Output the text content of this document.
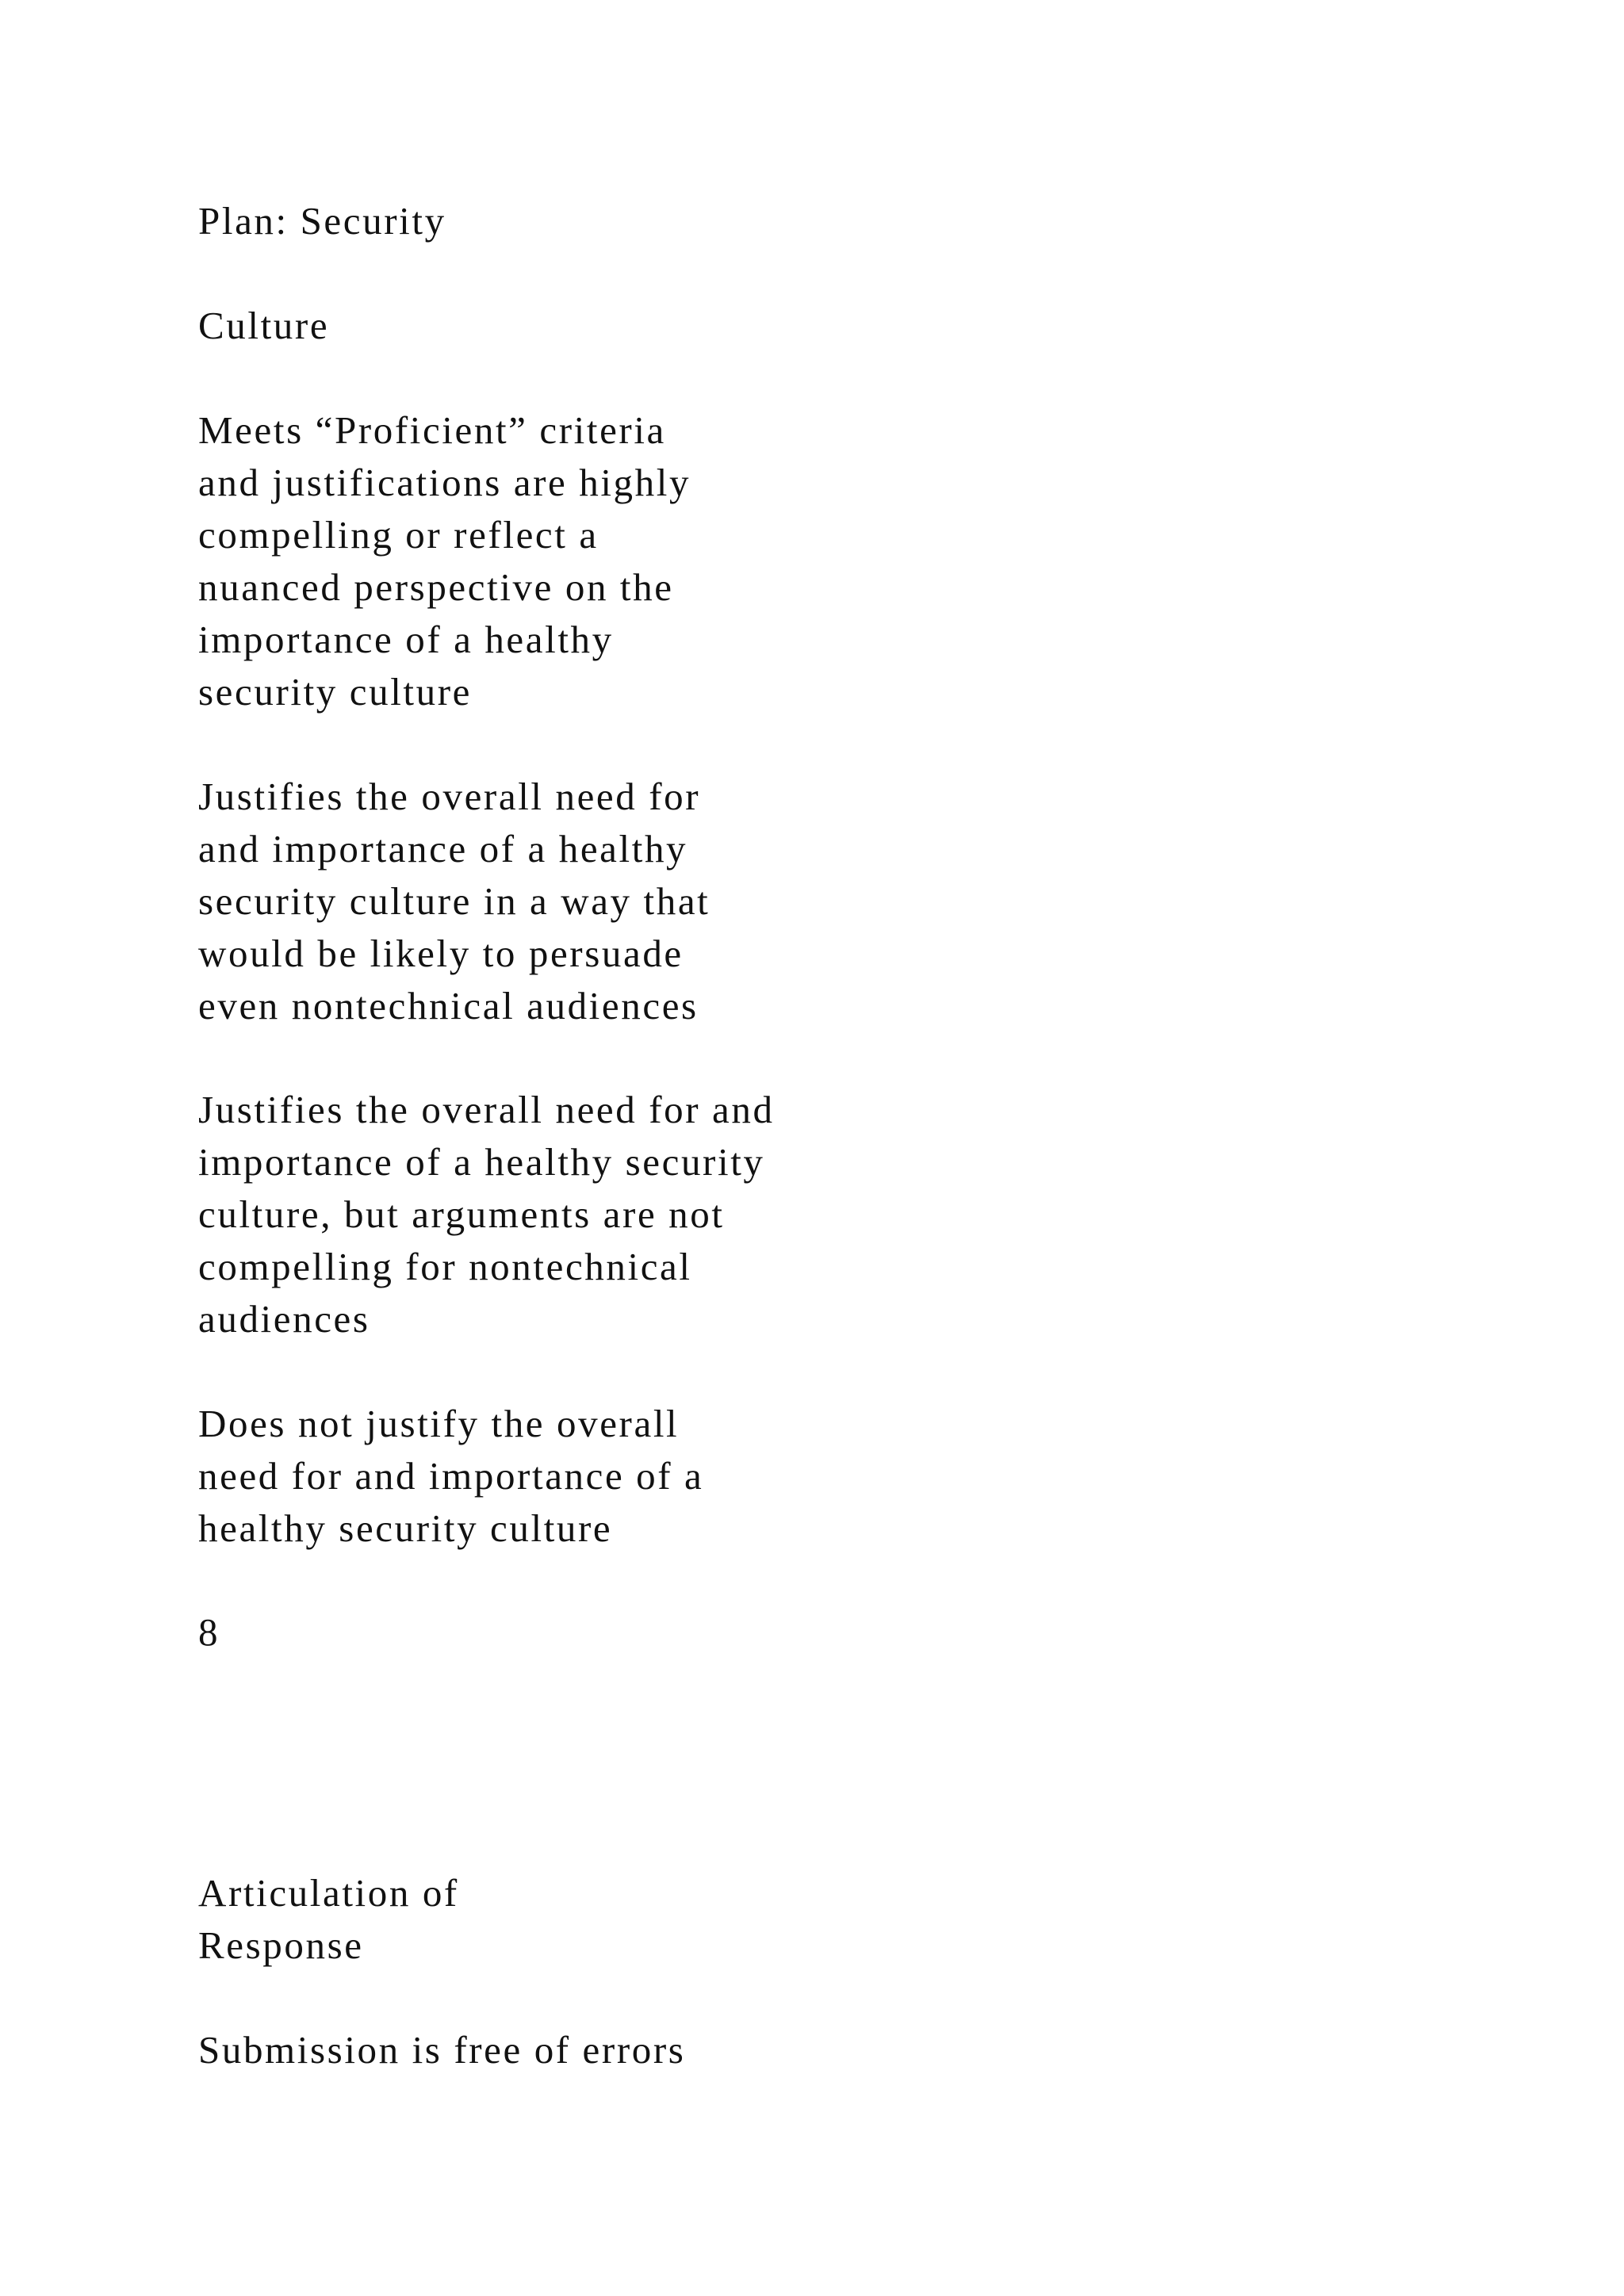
Plan: Security

Culture

Meets “Proficient” criteria
and justifications are highly
compelling or reflect a
nuanced perspective on the
importance of a healthy
security culture

Justifies the overall need for
and importance of a healthy
security culture in a way that
would be likely to persuade
even nontechnical audiences

Justifies the overall need for and
importance of a healthy security
culture, but arguments are not
compelling for nontechnical
audiences

Does not justify the overall
need for and importance of a
healthy security culture

8

Articulation of
Response

Submission is free of errors
